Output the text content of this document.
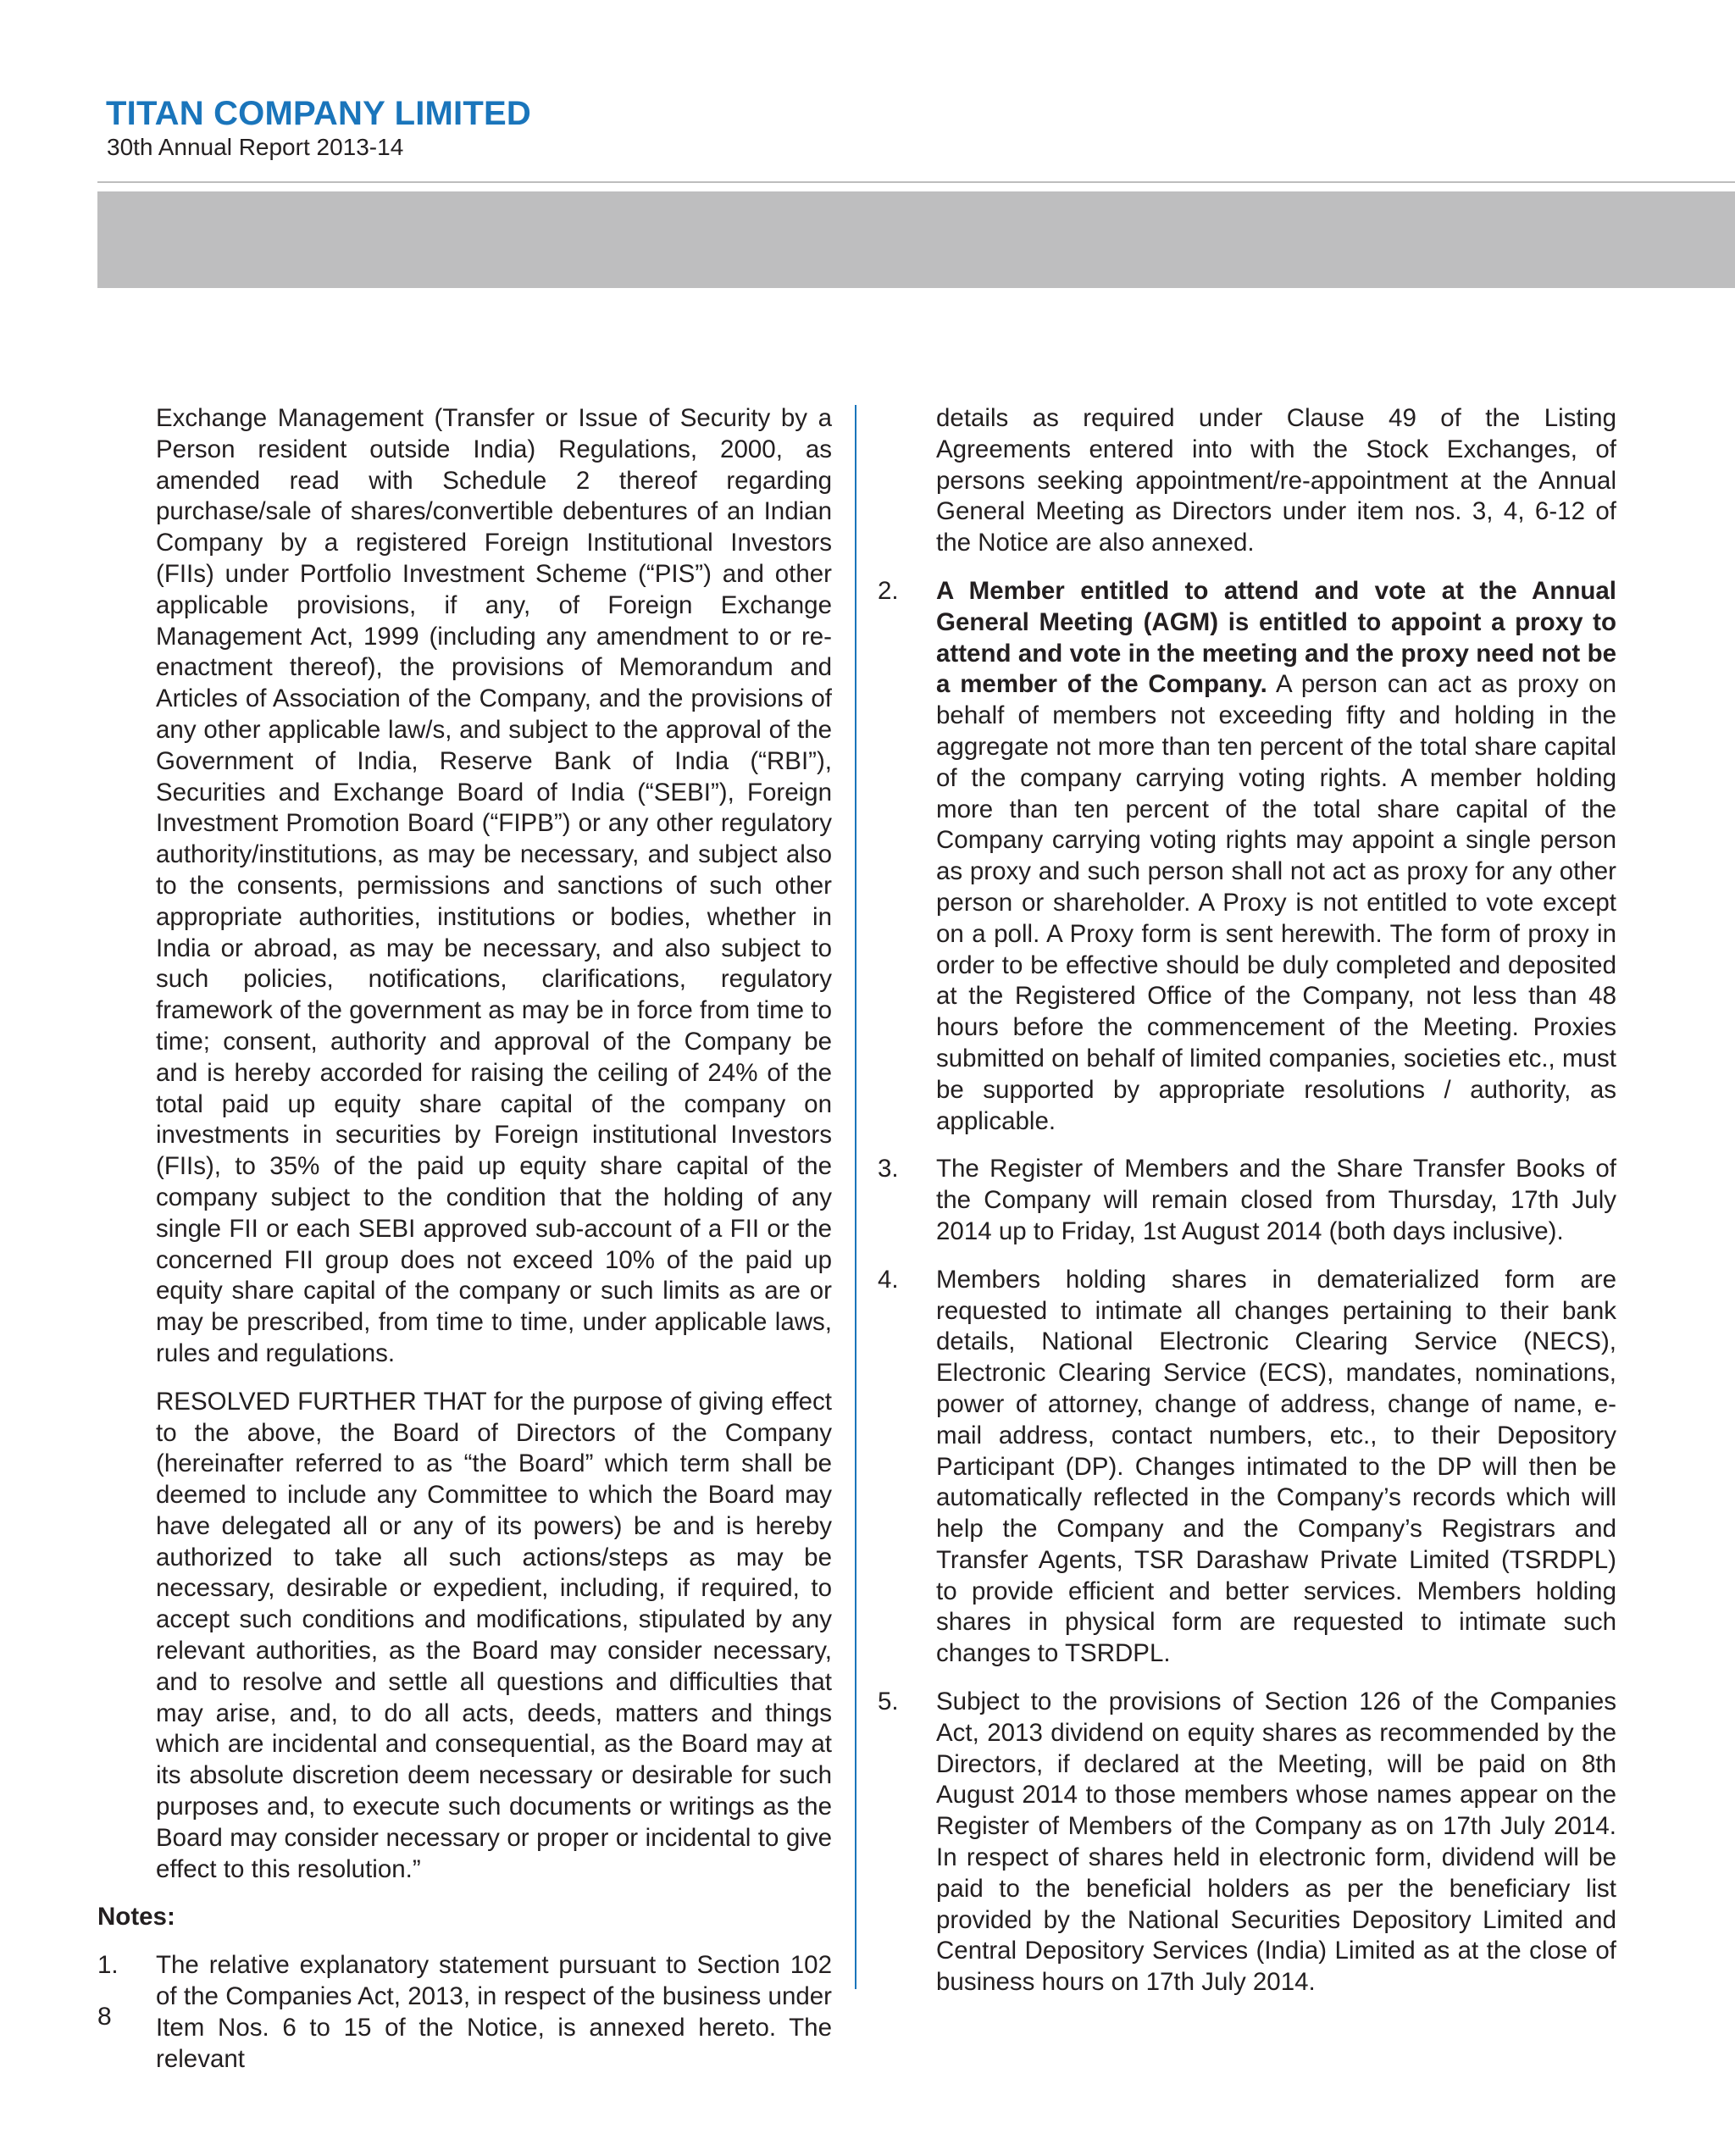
TITAN COMPANY LIMITED

30th Annual Report 2013-14

Exchange Management (Transfer or Issue of Security by a Person resident outside India) Regulations, 2000, as amended read with Schedule 2 thereof regarding purchase/sale of shares/convertible debentures of an Indian Company by a registered Foreign Institutional Investors (FIIs) under Portfolio Investment Scheme (“PIS”) and other applicable provisions, if any, of Foreign Exchange Management Act, 1999 (including any amendment to or re-enactment thereof), the provisions of Memorandum and Articles of Association of the Company, and the provisions of any other applicable law/s, and subject to the approval of the Government of India, Reserve Bank of India (“RBI”), Securities and Exchange Board of India (“SEBI”), Foreign Investment Promotion Board (“FIPB”) or any other regulatory authority/institutions, as may be necessary, and subject also to the consents, permissions and sanctions of such other appropriate authorities, institutions or bodies, whether in India or abroad, as may be necessary, and also subject to such policies, notifications, clarifications, regulatory framework of the government as may be in force from time to time; consent, authority and approval of the Company be and is hereby accorded for raising the ceiling of 24% of the total paid up equity share capital of the company on investments in securities by Foreign institutional Investors (FIIs), to 35% of the paid up equity share capital of the company subject to the condition that the holding of any single FII or each SEBI approved sub-account of a FII or the concerned FII group does not exceed 10% of the paid up equity share capital of the company or such limits as are or may be prescribed, from time to time, under applicable laws, rules and regulations.

RESOLVED FURTHER THAT for the purpose of giving effect to the above, the Board of Directors of the Company (hereinafter referred to as “the Board” which term shall be deemed to include any Committee to which the Board may have delegated all or any of its powers) be and is hereby authorized to take all such actions/steps as may be necessary, desirable or expedient, including, if required, to accept such conditions and modifications, stipulated by any relevant authorities, as the Board may consider necessary, and to resolve and settle all questions and difficulties that may arise, and, to do all acts, deeds, matters and things which are incidental and consequential, as the Board may at its absolute discretion deem necessary or desirable for such purposes and, to execute such documents or writings as the Board may consider necessary or proper or incidental to give effect to this resolution.”

Notes:

1. The relative explanatory statement pursuant to Section 102 of the Companies Act, 2013, in respect of the business under Item Nos. 6 to 15 of the Notice, is annexed hereto. The relevant

details as required under Clause 49 of the Listing Agreements entered into with the Stock Exchanges, of persons seeking appointment/re-appointment at the Annual General Meeting as Directors under item nos. 3, 4, 6-12 of the Notice are also annexed.

2. A Member entitled to attend and vote at the Annual General Meeting (AGM) is entitled to appoint a proxy to attend and vote in the meeting and the proxy need not be a member of the Company. A person can act as proxy on behalf of members not exceeding fifty and holding in the aggregate not more than ten percent of the total share capital of the company carrying voting rights. A member holding more than ten percent of the total share capital of the Company carrying voting rights may appoint a single person as proxy and such person shall not act as proxy for any other person or shareholder. A Proxy is not entitled to vote except on a poll. A Proxy form is sent herewith. The form of proxy in order to be effective should be duly completed and deposited at the Registered Office of the Company, not less than 48 hours before the commencement of the Meeting. Proxies submitted on behalf of limited companies, societies etc., must be supported by appropriate resolutions / authority, as applicable.

3. The Register of Members and the Share Transfer Books of the Company will remain closed from Thursday, 17th July 2014 up to Friday, 1st August 2014 (both days inclusive).

4. Members holding shares in dematerialized form are requested to intimate all changes pertaining to their bank details, National Electronic Clearing Service (NECS), Electronic Clearing Service (ECS), mandates, nominations, power of attorney, change of address, change of name, e-mail address, contact numbers, etc., to their Depository Participant (DP). Changes intimated to the DP will then be automatically reflected in the Company’s records which will help the Company and the Company’s Registrars and Transfer Agents, TSR Darashaw Private Limited (TSRDPL) to provide efficient and better services. Members holding shares in physical form are requested to intimate such changes to TSRDPL.

5. Subject to the provisions of Section 126 of the Companies Act, 2013 dividend on equity shares as recommended by the Directors, if declared at the Meeting, will be paid on 8th August 2014 to those members whose names appear on the Register of Members of the Company as on 17th July 2014. In respect of shares held in electronic form, dividend will be paid to the beneficial holders as per the beneficiary list provided by the National Securities Depository Limited and Central Depository Services (India) Limited as at the close of business hours on 17th July 2014.

8
